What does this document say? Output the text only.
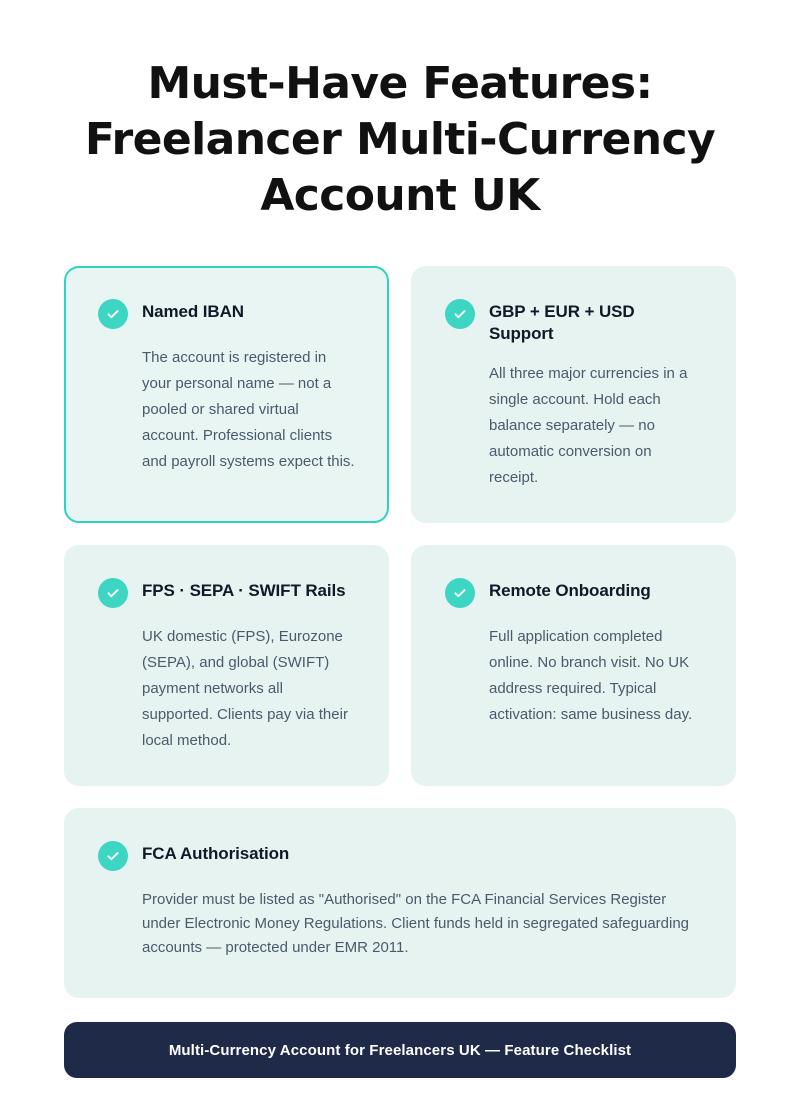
Must-Have Features:
Freelancer Multi-Currency
Account UK
Named IBAN

The account is registered in your personal name — not a pooled or shared virtual account. Professional clients and payroll systems expect this.

GBP + EUR + USD Support

All three major currencies in a single account. Hold each balance separately — no automatic conversion on receipt.

FPS · SEPA · SWIFT Rails

UK domestic (FPS), Eurozone (SEPA), and global (SWIFT) payment networks all supported. Clients pay via their local method.

Remote Onboarding

Full application completed online. No branch visit. No UK address required. Typical activation: same business day.

FCA Authorisation

Provider must be listed as "Authorised" on the FCA Financial Services Register under Electronic Money Regulations. Client funds held in segregated safeguarding accounts — protected under EMR 2011.

Multi-Currency Account for Freelancers UK — Feature Checklist
